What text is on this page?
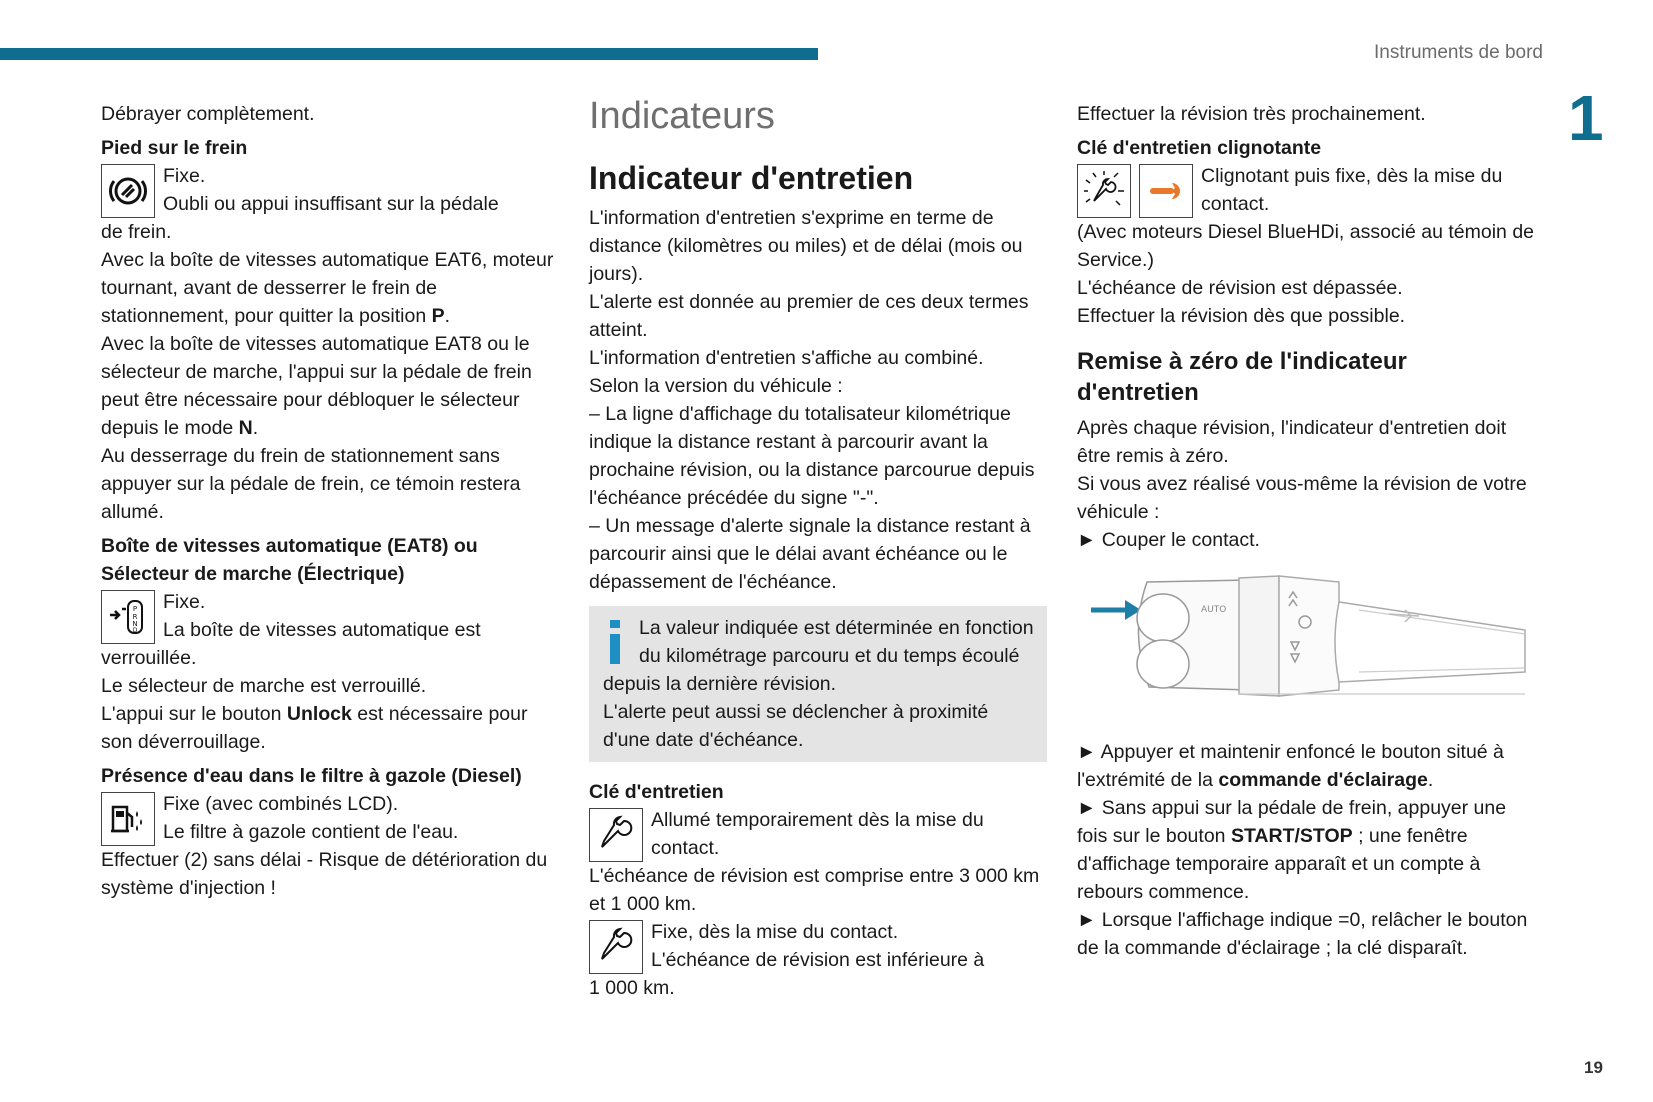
Instruments de bord
1
19

Débrayer complètement.

Pied sur le frein

Fixe.
Oubli ou appui insuffisant sur la pédale

de frein.

Avec la boîte de vitesses automatique EAT6, moteur tournant, avant de desserrer le frein de stationnement, pour quitter la position P.

Avec la boîte de vitesses automatique EAT8 ou le sélecteur de marche, l'appui sur la pédale de frein peut être nécessaire pour débloquer le sélecteur depuis le mode N.

Au desserrage du frein de stationnement sans appuyer sur la pédale de frein, ce témoin restera allumé.

Boîte de vitesses automatique (EAT8) ou Sélecteur de marche (Électrique)

P
R
N
D
Fixe.
La boîte de vitesses automatique est

verrouillée.

Le sélecteur de marche est verrouillé.

L'appui sur le bouton Unlock est nécessaire pour son déverrouillage.

Présence d'eau dans le filtre à gazole (Diesel)

Fixe (avec combinés LCD).
Le filtre à gazole contient de l'eau.

Effectuer (2) sans délai - Risque de détérioration du système d'injection !

Indicateurs
Indicateur d'entretien

L'information d'entretien s'exprime en terme de distance (kilomètres ou miles) et de délai (mois ou jours).

L'alerte est donnée au premier de ces deux termes atteint.

L'information d'entretien s'affiche au combiné.

Selon la version du véhicule :

– La ligne d'affichage du totalisateur kilométrique indique la distance restant à parcourir avant la prochaine révision, ou la distance parcourue depuis l'échéance précédée du signe "-".

– Un message d'alerte signale la distance restant à parcourir ainsi que le délai avant échéance ou le dépassement de l'échéance.

La valeur indiquée est déterminée en fonction du kilométrage parcouru et du temps écoulé depuis la dernière révision.

L'alerte peut aussi se déclencher à proximité d'une date d'échéance.

Clé d'entretien

Allumé temporairement dès la mise du contact.

L'échéance de révision est comprise entre 3 000 km et 1 000 km.

Fixe, dès la mise du contact.
L'échéance de révision est inférieure à

1 000 km.

Effectuer la révision très prochainement.

Clé d'entretien clignotante

Clignotant puis fixe, dès la mise du contact.

(Avec moteurs Diesel BlueHDi, associé au témoin de Service.)

L'échéance de révision est dépassée.

Effectuer la révision dès que possible.

Remise à zéro de l'indicateur d'entretien

Après chaque révision, l'indicateur d'entretien doit être remis à zéro.

Si vous avez réalisé vous-même la révision de votre véhicule :

► Couper le contact.

AUTO

► Appuyer et maintenir enfoncé le bouton situé à l'extrémité de la commande d'éclairage.

► Sans appui sur la pédale de frein, appuyer une fois sur le bouton START/STOP ; une fenêtre d'affichage temporaire apparaît et un compte à rebours commence.

► Lorsque l'affichage indique =0, relâcher le bouton de la commande d'éclairage ; la clé disparaît.
